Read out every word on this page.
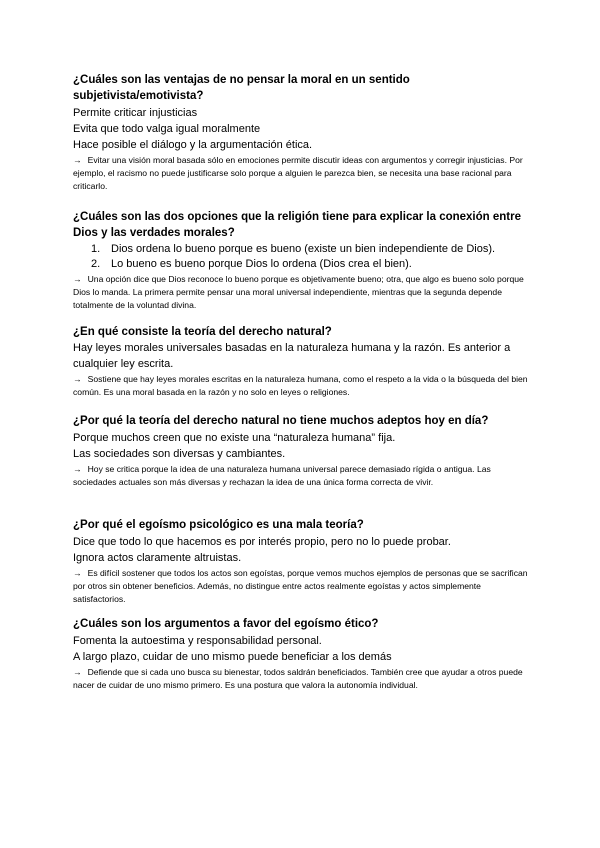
¿Cuáles son las ventajas de no pensar la moral en un sentido subjetivista/emotivista?

Permite criticar injusticias

Evita que todo valga igual moralmente

Hace posible el diálogo y la argumentación ética.

→ Evitar una visión moral basada sólo en emociones permite discutir ideas con argumentos y corregir injusticias. Por ejemplo, el racismo no puede justificarse solo porque a alguien le parezca bien, se necesita una base racional para criticarlo.

¿Cuáles son las dos opciones que la religión tiene para explicar la conexión entre Dios y las verdades morales?

1. Dios ordena lo bueno porque es bueno (existe un bien independiente de Dios).
2. Lo bueno es bueno porque Dios lo ordena (Dios crea el bien).

→ Una opción dice que Dios reconoce lo bueno porque es objetivamente bueno; otra, que algo es bueno solo porque Dios lo manda. La primera permite pensar una moral universal independiente, mientras que la segunda depende totalmente de la voluntad divina.

¿En qué consiste la teoría del derecho natural?

Hay leyes morales universales basadas en la naturaleza humana y la razón. Es anterior a cualquier ley escrita.

→ Sostiene que hay leyes morales escritas en la naturaleza humana, como el respeto a la vida o la búsqueda del bien común. Es una moral basada en la razón y no solo en leyes o religiones.

¿Por qué la teoría del derecho natural no tiene muchos adeptos hoy en día?

Porque muchos creen que no existe una “naturaleza humana” fija.

Las sociedades son diversas y cambiantes.

→ Hoy se critica porque la idea de una naturaleza humana universal parece demasiado rígida o antigua. Las sociedades actuales son más diversas y rechazan la idea de una única forma correcta de vivir.

¿Por qué el egoísmo psicológico es una mala teoría?

Dice que todo lo que hacemos es por interés propio, pero no lo puede probar.

Ignora actos claramente altruistas.

→ Es difícil sostener que todos los actos son egoístas, porque vemos muchos ejemplos de personas que se sacrifican por otros sin obtener beneficios. Además, no distingue entre actos realmente egoístas y actos simplemente satisfactorios.

¿Cuáles son los argumentos a favor del egoísmo ético?

Fomenta la autoestima y responsabilidad personal.

A largo plazo, cuidar de uno mismo puede beneficiar a los demás

→ Defiende que si cada uno busca su bienestar, todos saldrán beneficiados. También cree que ayudar a otros puede nacer de cuidar de uno mismo primero. Es una postura que valora la autonomía individual.
